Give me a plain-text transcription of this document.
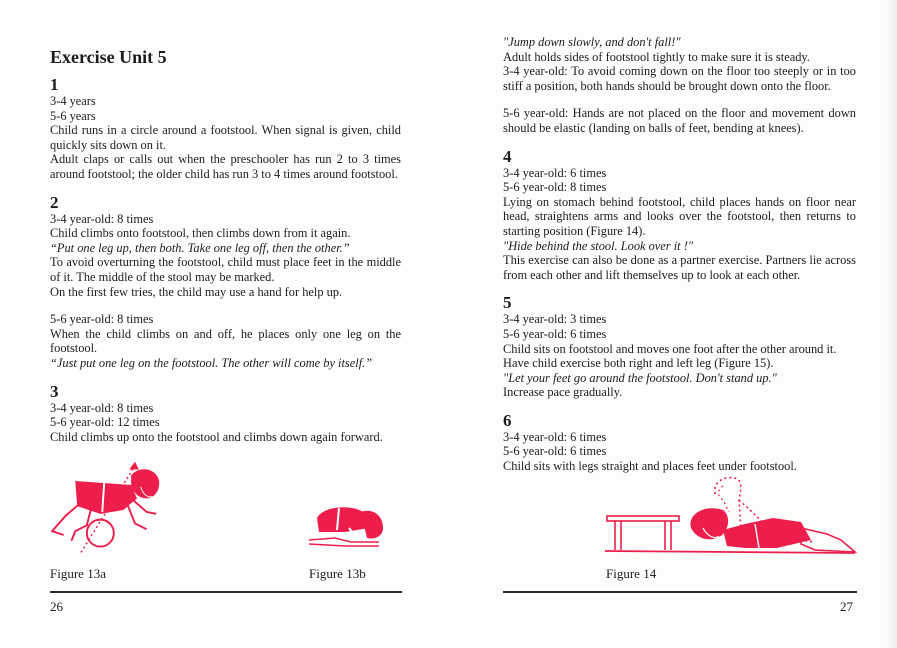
Exercise Unit 5
1
3-4 years
5-6 years
Child runs in a circle around a footstool. When signal is given, child quickly sits down on it.
Adult claps or calls out when the preschooler has run 2 to 3 times around footstool; the older child has run 3 to 4 times around footstool.
2
3-4 year-old: 8 times
Child climbs onto footstool, then climbs down from it again.
“Put one leg up, then both. Take one leg off, then the other.”
To avoid overturning the footstool, child must place feet in the middle of it. The middle of the stool may be marked.
On the first few tries, the child may use a hand for help up.
5-6 year-old: 8 times
When the child climbs on and off, he places only one leg on the footstool.
“Just put one leg on the footstool. The other will come by itself.”
3
3-4 year-old: 8 times
5-6 year-old: 12 times
Child climbs up onto the footstool and climbs down again forward.
Figure 13a	Figure 13b
26
"Jump down slowly, and don't fall!"
Adult holds sides of footstool tightly to make sure it is steady.
3-4 year-old: To avoid coming down on the floor too steeply or in too stiff a position, both hands should be brought down onto the floor.
5-6 year-old: Hands are not placed on the floor and movement down should be elastic (landing on balls of feet, bending at knees).
4
3-4 year-old: 6 times
5-6 year-old: 8 times
Lying on stomach behind footstool, child places hands on floor near head, straightens arms and looks over the footstool, then returns to starting position (Figure 14).
"Hide behind the stool. Look over it !"
This exercise can also be done as a partner exercise. Partners lie across from each other and lift themselves up to look at each other.
5
3-4 year-old: 3 times
5-6 year-old: 6 times
Child sits on footstool and moves one foot after the other around it.
Have child exercise both right and left leg (Figure 15).
"Let your feet go around the footstool. Don't stand up."
Increase pace gradually.
6
3-4 year-old: 6 times
5-6 year-old: 6 times
Child sits with legs straight and places feet under footstool.
Figure 14
27
